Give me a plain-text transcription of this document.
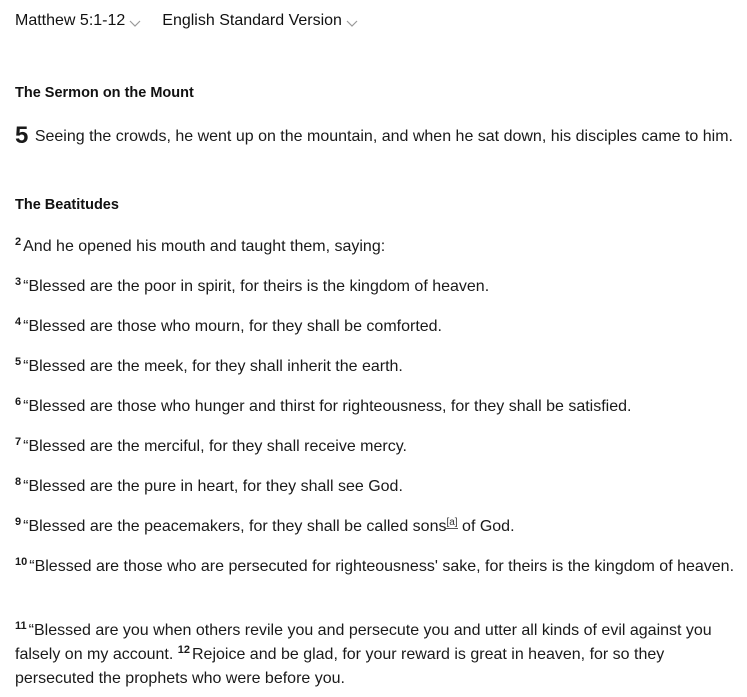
Matthew 5:1-12 English Standard Version
The Sermon on the Mount
5 Seeing the crowds, he went up on the mountain, and when he sat down, his disciples came to him.
The Beatitudes
$^2$ And he opened his mouth and taught them, saying:
$^3$ “Blessed are the poor in spirit, for theirs is the kingdom of heaven.
$^4$ “Blessed are those who mourn, for they shall be comforted.
$^5$ “Blessed are the meek, for they shall inherit the earth.
$^6$ “Blessed are those who hunger and thirst for righteousness, for they shall be satisfied.
$^7$ “Blessed are the merciful, for they shall receive mercy.
$^8$ “Blessed are the pure in heart, for they shall see God.
$^9$ “Blessed are the peacemakers, for they shall be called sons[a] of God.
$^{10}$ “Blessed are those who are persecuted for righteousness' sake, for theirs is the kingdom of heaven.
$^{11}$ “Blessed are you when others revile you and persecute you and utter all kinds of evil against you falsely on my account. $^{12}$ Rejoice and be glad, for your reward is great in heaven, for so they persecuted the prophets who were before you.
